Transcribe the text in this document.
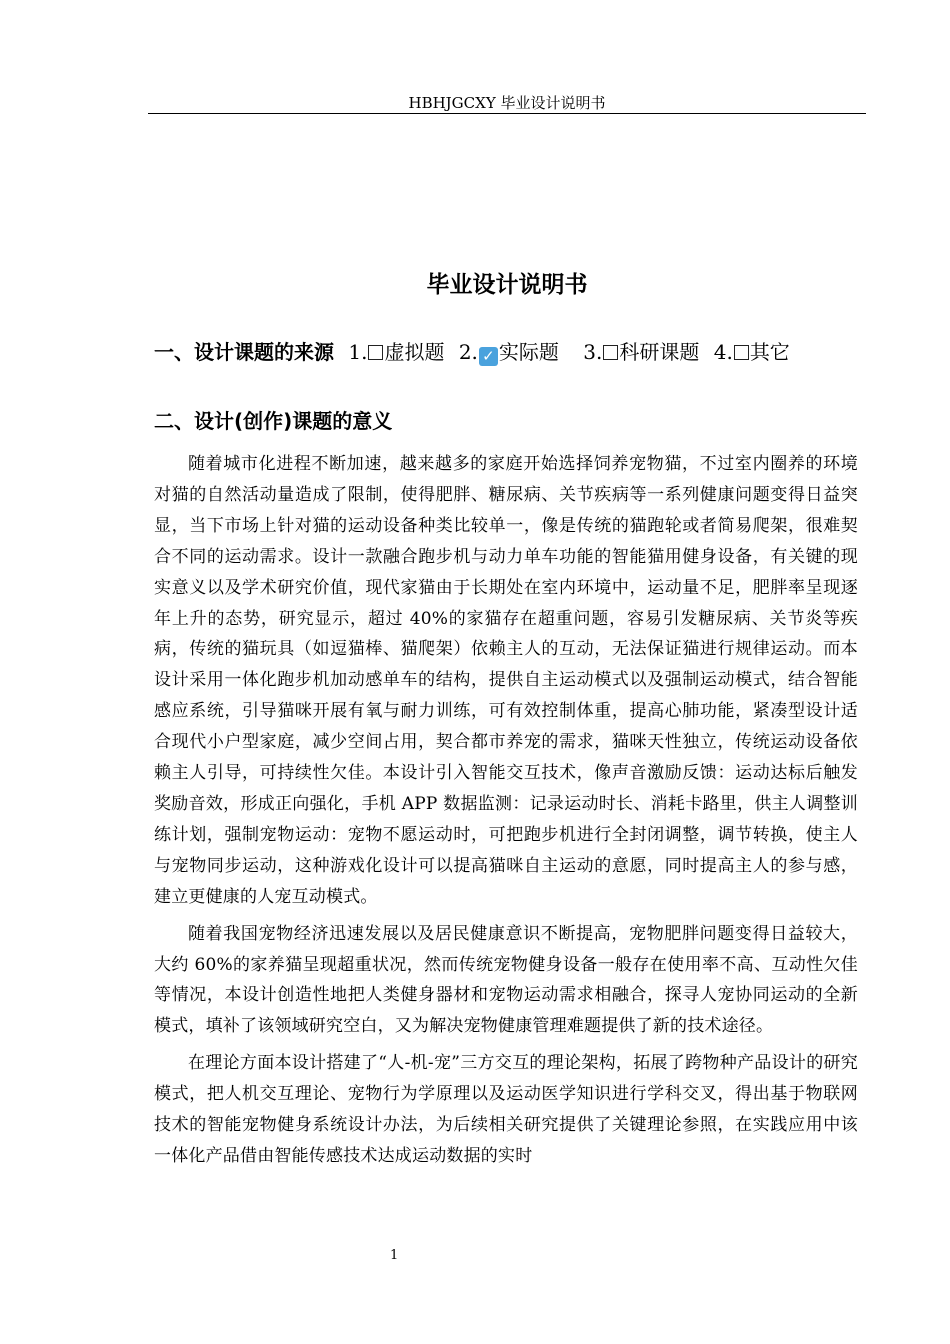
HBHJGCXY 毕业设计说明书
毕业设计说明书
一、设计课题的来源 1. 虚拟题 2. ✓ 实际题 3. 科研课题 4. 其它
二、设计(创作)课题的意义

随着城市化进程不断加速，越来越多的家庭开始选择饲养宠物猫，不过室内圈养的环境对猫的自然活动量造成了限制，使得肥胖、糖尿病、关节疾病等一系列健康问题变得日益突显，当下市场上针对猫的运动设备种类比较单一，像是传统的猫跑轮或者简易爬架，很难契合不同的运动需求。设计一款融合跑步机与动力单车功能的智能猫用健身设备，有关键的现实意义以及学术研究价值，现代家猫由于长期处在室内环境中，运动量不足，肥胖率呈现逐年上升的态势，研究显示，超过 40%的家猫存在超重问题，容易引发糖尿病、关节炎等疾病，传统的猫玩具（如逗猫棒、猫爬架）依赖主人的互动，无法保证猫进行规律运动。而本设计采用一体化跑步机加动感单车的结构，提供自主运动模式以及强制运动模式，结合智能感应系统，引导猫咪开展有氧与耐力训练，可有效控制体重，提高心肺功能，紧凑型设计适合现代小户型家庭，减少空间占用，契合都市养宠的需求，猫咪天性独立，传统运动设备依赖主人引导，可持续性欠佳。本设计引入智能交互技术，像声音激励反馈：运动达标后触发奖励音效，形成正向强化，手机 APP 数据监测：记录运动时长、消耗卡路里，供主人调整训练计划，强制宠物运动：宠物不愿运动时，可把跑步机进行全封闭调整，调节转换，使主人与宠物同步运动，这种游戏化设计可以提高猫咪自主运动的意愿，同时提高主人的参与感，建立更健康的人宠互动模式。

随着我国宠物经济迅速发展以及居民健康意识不断提高，宠物肥胖问题变得日益较大，大约 60%的家养猫呈现超重状况，然而传统宠物健身设备一般存在使用率不高、互动性欠佳等情况，本设计创造性地把人类健身器材和宠物运动需求相融合，探寻人宠协同运动的全新模式，填补了该领域研究空白，又为解决宠物健康管理难题提供了新的技术途径。

在理论方面本设计搭建了“人-机-宠”三方交互的理论架构，拓展了跨物种产品设计的研究模式，把人机交互理论、宠物行为学原理以及运动医学知识进行学科交叉，得出基于物联网技术的智能宠物健身系统设计办法，为后续相关研究提供了关键理论参照，在实践应用中该一体化产品借由智能传感技术达成运动数据的实时

1
